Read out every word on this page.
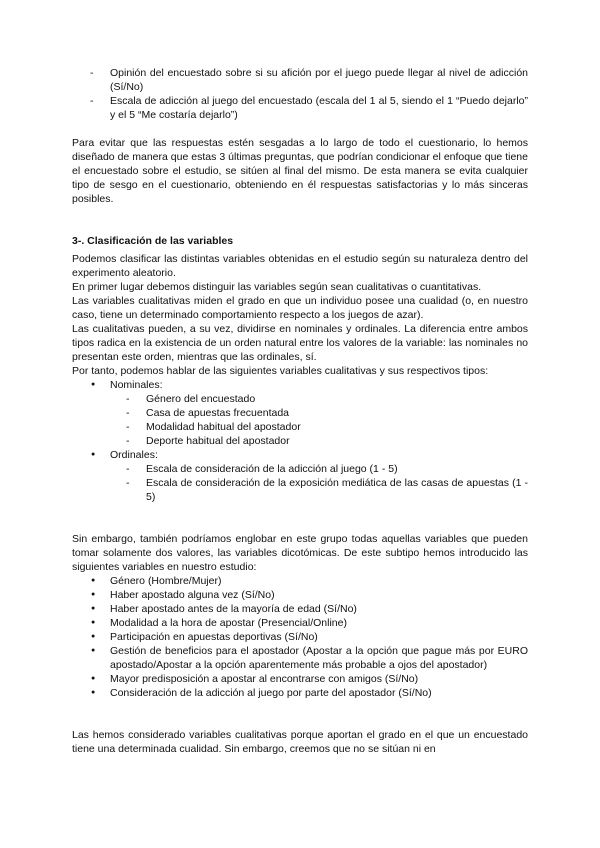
- Opinión del encuestado sobre si su afición por el juego puede llegar al nivel de adicción (Sí/No)
- Escala de adicción al juego del encuestado (escala del 1 al 5, siendo el 1 “Puedo dejarlo” y el 5 “Me costaría dejarlo”)

Para evitar que las respuestas estén sesgadas a lo largo de todo el cuestionario, lo hemos diseñado de manera que estas 3 últimas preguntas, que podrían condicionar el enfoque que tiene el encuestado sobre el estudio, se sitúen al final del mismo. De esta manera se evita cualquier tipo de sesgo en el cuestionario, obteniendo en él respuestas satisfactorias y lo más sinceras posibles.

3-. Clasificación de las variables

Podemos clasificar las distintas variables obtenidas en el estudio según su naturaleza dentro del experimento aleatorio.

En primer lugar debemos distinguir las variables según sean cualitativas o cuantitativas.

Las variables cualitativas miden el grado en que un individuo posee una cualidad (o, en nuestro caso, tiene un determinado comportamiento respecto a los juegos de azar).

Las cualitativas pueden, a su vez, dividirse en nominales y ordinales. La diferencia entre ambos tipos radica en la existencia de un orden natural entre los valores de la variable: las nominales no presentan este orden, mientras que las ordinales, sí.

Por tanto, podemos hablar de las siguientes variables cualitativas y sus respectivos tipos:

● Nominales:
- Género del encuestado
- Casa de apuestas frecuentada
- Modalidad habitual del apostador
- Deporte habitual del apostador
● Ordinales:
- Escala de consideración de la adicción al juego (1 - 5)
- Escala de consideración de la exposición mediática de las casas de apuestas (1 - 5)

Sin embargo, también podríamos englobar en este grupo todas aquellas variables que pueden tomar solamente dos valores, las variables dicotómicas. De este subtipo hemos introducido las siguientes variables en nuestro estudio:

● Género (Hombre/Mujer)
● Haber apostado alguna vez (Sí/No)
● Haber apostado antes de la mayoría de edad (Sí/No)
● Modalidad a la hora de apostar (Presencial/Online)
● Participación en apuestas deportivas (Sí/No)
● Gestión de beneficios para el apostador (Apostar a la opción que pague más por EURO apostado/Apostar a la opción aparentemente más probable a ojos del apostador)
● Mayor predisposición a apostar al encontrarse con amigos (Sí/No)
● Consideración de la adicción al juego por parte del apostador (Sí/No)

Las hemos considerado variables cualitativas porque aportan el grado en el que un encuestado tiene una determinada cualidad. Sin embargo, creemos que no se sitúan ni en
